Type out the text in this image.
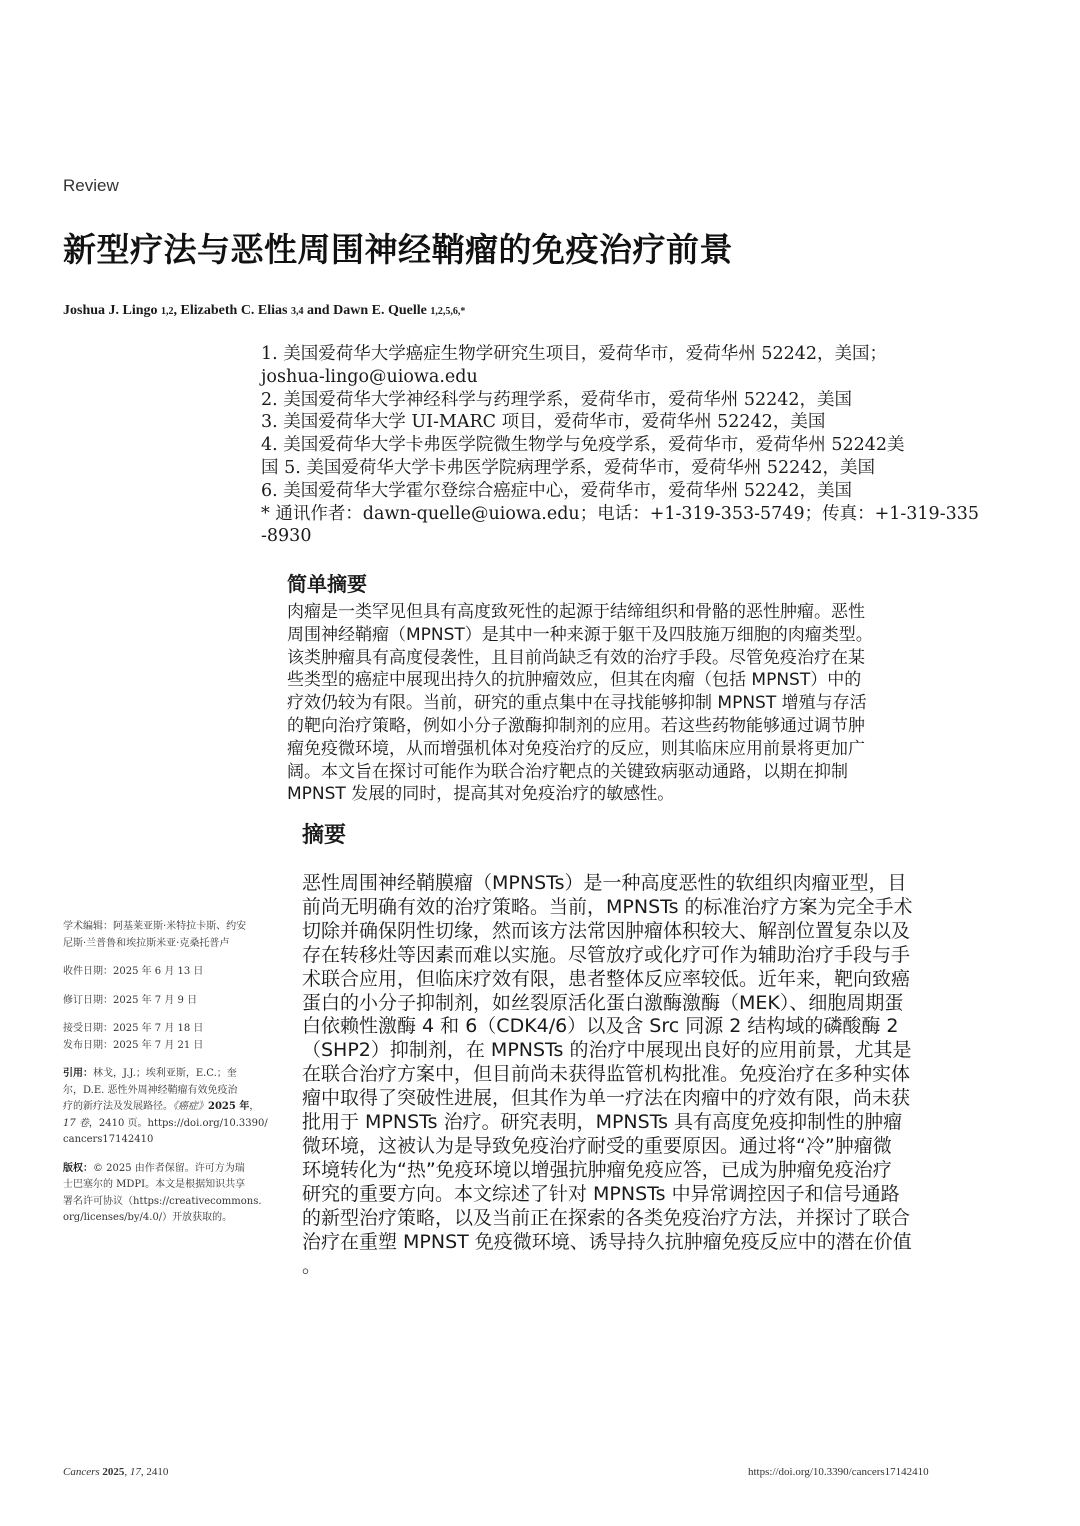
Review
新型疗法与恶性周围神经鞘瘤的免疫治疗前景
Joshua J. Lingo 1,2, Elizabeth C. Elias 3,4 and Dawn E. Quelle 1,2,5,6,*
1. 美国爱荷华大学癌症生物学研究生项目，爱荷华市，爱荷华州 52242，美国；
joshua-lingo@uiowa.edu
2. 美国爱荷华大学神经科学与药理学系，爱荷华市，爱荷华州 52242，美国
3. 美国爱荷华大学 UI-MARC 项目，爱荷华市，爱荷华州 52242，美国
4. 美国爱荷华大学卡弗医学院微生物学与免疫学系，爱荷华市，爱荷华州 52242美
国 5. 美国爱荷华大学卡弗医学院病理学系，爱荷华市，爱荷华州 52242，美国
6. 美国爱荷华大学霍尔登综合癌症中心，爱荷华市，爱荷华州 52242，美国
* 通讯作者：dawn-quelle@uiowa.edu；电话：+1-319-353-5749；传真：+1-319-335
-8930
简单摘要
肉瘤是一类罕见但具有高度致死性的起源于结缔组织和骨骼的恶性肿瘤。恶性
周围神经鞘瘤（MPNST）是其中一种来源于躯干及四肢施万细胞的肉瘤类型。
该类肿瘤具有高度侵袭性，且目前尚缺乏有效的治疗手段。尽管免疫治疗在某
些类型的癌症中展现出持久的抗肿瘤效应，但其在肉瘤（包括 MPNST）中的
疗效仍较为有限。当前，研究的重点集中在寻找能够抑制 MPNST 增殖与存活
的靶向治疗策略，例如小分子激酶抑制剂的应用。若这些药物能够通过调节肿
瘤免疫微环境，从而增强机体对免疫治疗的反应，则其临床应用前景将更加广
阔。本文旨在探讨可能作为联合治疗靶点的关键致病驱动通路，以期在抑制
MPNST 发展的同时，提高其对免疫治疗的敏感性。
摘要
恶性周围神经鞘膜瘤（MPNSTs）是一种高度恶性的软组织肉瘤亚型，目
前尚无明确有效的治疗策略。当前，MPNSTs 的标准治疗方案为完全手术
切除并确保阴性切缘，然而该方法常因肿瘤体积较大、解剖位置复杂以及
存在转移灶等因素而难以实施。尽管放疗或化疗可作为辅助治疗手段与手
术联合应用，但临床疗效有限，患者整体反应率较低。近年来，靶向致癌
蛋白的小分子抑制剂，如丝裂原活化蛋白激酶激酶（MEK）、细胞周期蛋
白依赖性激酶 4 和 6（CDK4/6）以及含 Src 同源 2 结构域的磷酸酶 2
（SHP2）抑制剂，在 MPNSTs 的治疗中展现出良好的应用前景，尤其是
在联合治疗方案中，但目前尚未获得监管机构批准。免疫治疗在多种实体
瘤中取得了突破性进展，但其作为单一疗法在肉瘤中的疗效有限，尚未获
批用于 MPNSTs 治疗。研究表明，MPNSTs 具有高度免疫抑制性的肿瘤
微环境，这被认为是导致免疫治疗耐受的重要原因。通过将“冷”肿瘤微
环境转化为“热”免疫环境以增强抗肿瘤免疫应答，已成为肿瘤免疫治疗
研究的重要方向。本文综述了针对 MPNSTs 中异常调控因子和信号通路
的新型治疗策略，以及当前正在探索的各类免疫治疗方法，并探讨了联合
治疗在重塑 MPNST 免疫微环境、诱导持久抗肿瘤免疫反应中的潜在价值
。
学术编辑：阿基莱亚斯·米特拉卡斯、约安
尼斯·兰普鲁和埃拉斯米亚·克桑托普卢
收件日期：2025 年 6 月 13 日
修订日期：2025 年 7 月 9 日
接受日期：2025 年 7 月 18 日
发布日期：2025 年 7 月 21 日
引用：林戈，J.J.；埃利亚斯，E.C.；奎
尔，D.E. 恶性外周神经鞘瘤有效免疫治
疗的新疗法及发展路径。《癌症》2025 年，
17 卷，2410 页。https://doi.org/10.3390/
cancers17142410
版权：© 2025 由作者保留。许可方为瑞
士巴塞尔的 MDPI。本文是根据知识共享
署名许可协议（https://creativecommons.
org/licenses/by/4.0/）开放获取的。
Cancers 2025, 17, 2410	https://doi.org/10.3390/cancers17142410
